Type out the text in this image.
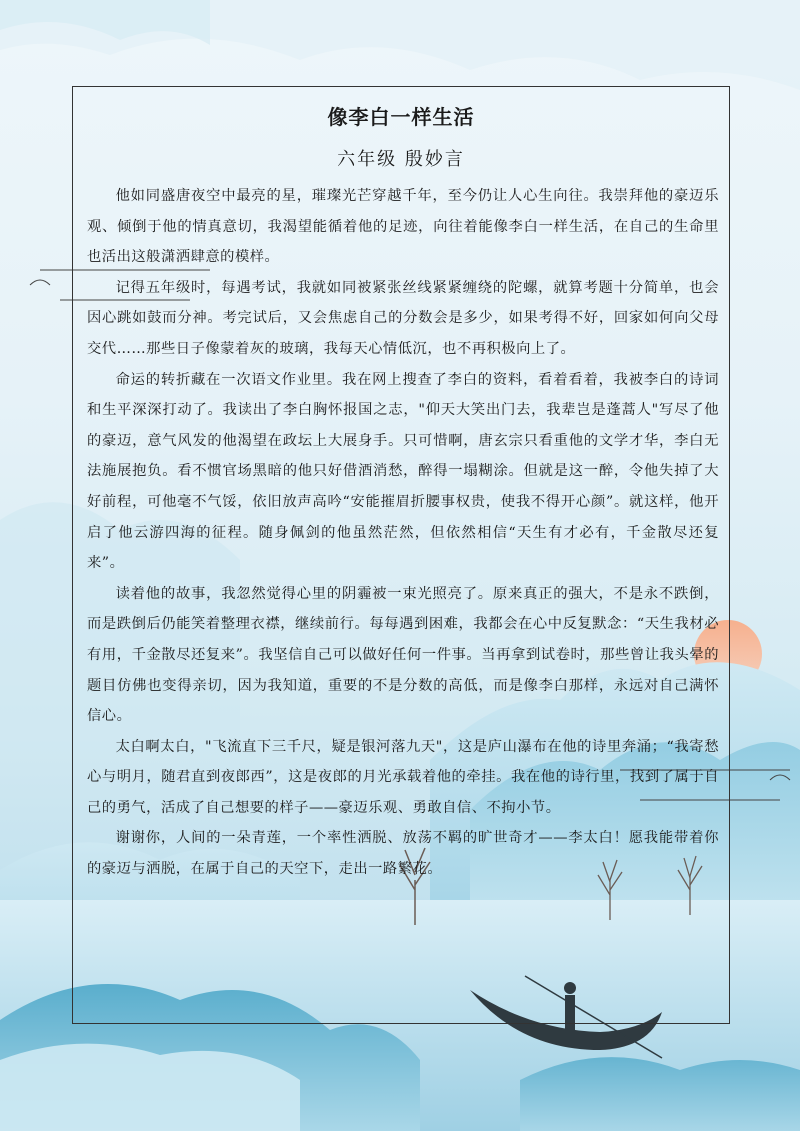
像李白一样生活
六年级 殷妙言

他如同盛唐夜空中最亮的星，璀璨光芒穿越千年，至今仍让人心生向往。我崇拜他的豪迈乐观、倾倒于他的情真意切，我渴望能循着他的足迹，向往着能像李白一样生活，在自己的生命里也活出这般潇洒肆意的模样。

记得五年级时，每遇考试，我就如同被紧张丝线紧紧缠绕的陀螺，就算考题十分简单，也会因心跳如鼓而分神。考完试后，又会焦虑自己的分数会是多少，如果考得不好，回家如何向父母交代……那些日子像蒙着灰的玻璃，我每天心情低沉，也不再积极向上了。

命运的转折藏在一次语文作业里。我在网上搜查了李白的资料，看着看着，我被李白的诗词和生平深深打动了。我读出了李白胸怀报国之志，"仰天大笑出门去，我辈岂是蓬蒿人"写尽了他的豪迈，意气风发的他渴望在政坛上大展身手。只可惜啊，唐玄宗只看重他的文学才华，李白无法施展抱负。看不惯官场黑暗的他只好借酒消愁，醉得一塌糊涂。但就是这一醉，令他失掉了大好前程，可他毫不气馁，依旧放声高吟“安能摧眉折腰事权贵，使我不得开心颜”。就这样，他开启了他云游四海的征程。随身佩剑的他虽然茫然，但依然相信“天生有才必有，千金散尽还复来”。

读着他的故事，我忽然觉得心里的阴霾被一束光照亮了。原来真正的强大，不是永不跌倒，而是跌倒后仍能笑着整理衣襟，继续前行。每每遇到困难，我都会在心中反复默念：“天生我材必有用，千金散尽还复来”。我坚信自己可以做好任何一件事。当再拿到试卷时，那些曾让我头晕的题目仿佛也变得亲切，因为我知道，重要的不是分数的高低，而是像李白那样，永远对自己满怀信心。

太白啊太白，"飞流直下三千尺，疑是银河落九天"，这是庐山瀑布在他的诗里奔涌；“我寄愁心与明月，随君直到夜郎西”，这是夜郎的月光承载着他的牵挂。我在他的诗行里，找到了属于自己的勇气，活成了自己想要的样子——豪迈乐观、勇敢自信、不拘小节。

谢谢你，人间的一朵青莲，一个率性洒脱、放荡不羁的旷世奇才——李太白！愿我能带着你的豪迈与洒脱，在属于自己的天空下，走出一路繁花。
